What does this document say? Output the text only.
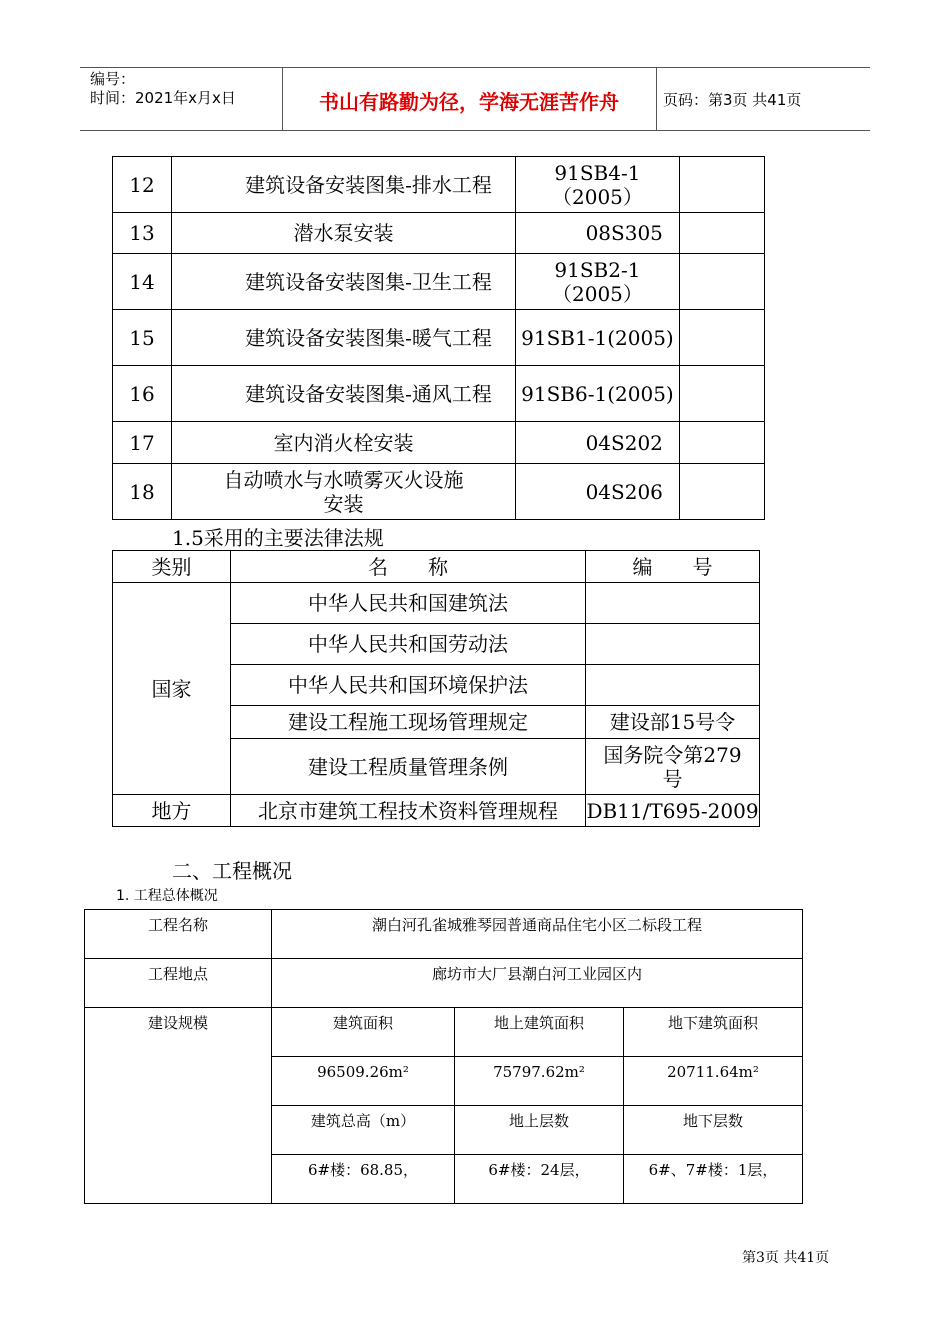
编号：
时间：2021年x月x日	书山有路勤为径，学海无涯苦作舟	页码：第3页 共41页
12	建筑设备安装图集-排水工程	91SB4-1（2005）	
13	潜水泵安装	08S305	
14	建筑设备安装图集-卫生工程	91SB2-1（2005）	
15	建筑设备安装图集-暖气工程	91SB1-1(2005)	
16	建筑设备安装图集-通风工程	91SB6-1(2005)	
17	室内消火栓安装	04S202	
18	自动喷水与水喷雾灭火设施安装	04S206	
1.5采用的主要法律法规
类别	名　　称	编　　号
国家	中华人民共和国建筑法	
	中华人民共和国劳动法	
	中华人民共和国环境保护法	
	建设工程施工现场管理规定	建设部15号令
	建设工程质量管理条例	国务院令第279号
地方	北京市建筑工程技术资料管理规程	DB11/T695-2009
二、工程概况
1. 工程总体概况
工程名称	潮白河孔雀城雅琴园普通商品住宅小区二标段工程		
工程地点	廊坊市大厂县潮白河工业园区内		
建设规模	建筑面积	地上建筑面积	地下建筑面积
	96509.26m²	75797.62m²	20711.64m²
	建筑总高（m）	地上层数	地下层数
	6#楼：68.85，	6#楼：24层，	6#、7#楼：1层，
第3页 共41页
